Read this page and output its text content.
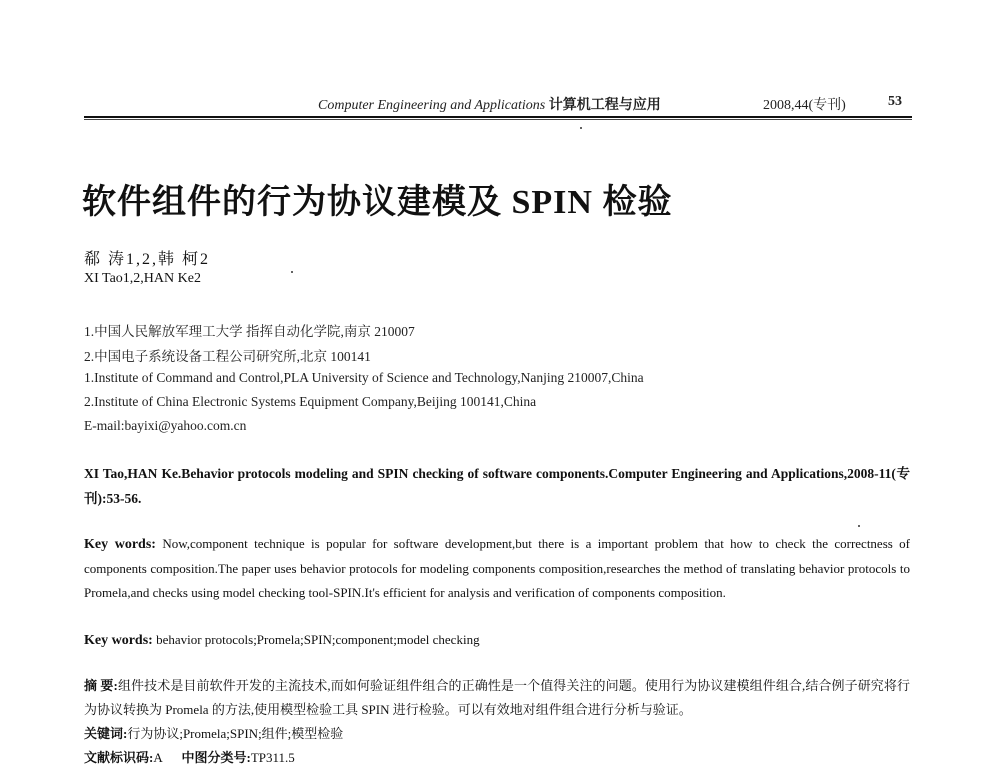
Computer Engineering and Applications 计算机工程与应用	2008,44(专刊)	53
软件组件的行为协议建模及 SPIN 检验
郗 涛1,2,韩 柯2
XI Tao1,2,HAN Ke2
1.中国人民解放军理工大学 指挥自动化学院,南京 210007
2.中国电子系统设备工程公司研究所,北京 100141
1.Institute of Command and Control,PLA University of Science and Technology,Nanjing 210007,China
2.Institute of China Electronic Systems Equipment Company,Beijing 100141,China
E-mail:bayixi@yahoo.com.cn
XI Tao,HAN Ke.Behavior protocols modeling and SPIN checking of software components.Computer Engineering and Applications,2008-11(专刊):53-56.
Key words: Now,component technique is popular for software development,but there is a important problem that how to check the correctness of components composition.The paper uses behavior protocols for modeling components composition,researches the method of translating behavior protocols to Promela,and checks using model checking tool-SPIN.It's efficient for analysis and verification of components composition.
Key words: behavior protocols;Promela;SPIN;component;model checking
摘 要:组件技术是目前软件开发的主流技术,而如何验证组件组合的正确性是一个值得关注的问题。使用行为协议建模组件组合,结合例子研究将行为协议转换为 Promela 的方法,使用模型检验工具 SPIN 进行检验。可以有效地对组件组合进行分析与验证。
关键词:行为协议;Promela;SPIN;组件;模型检验
文献标识码:A 中图分类号:TP311.5
